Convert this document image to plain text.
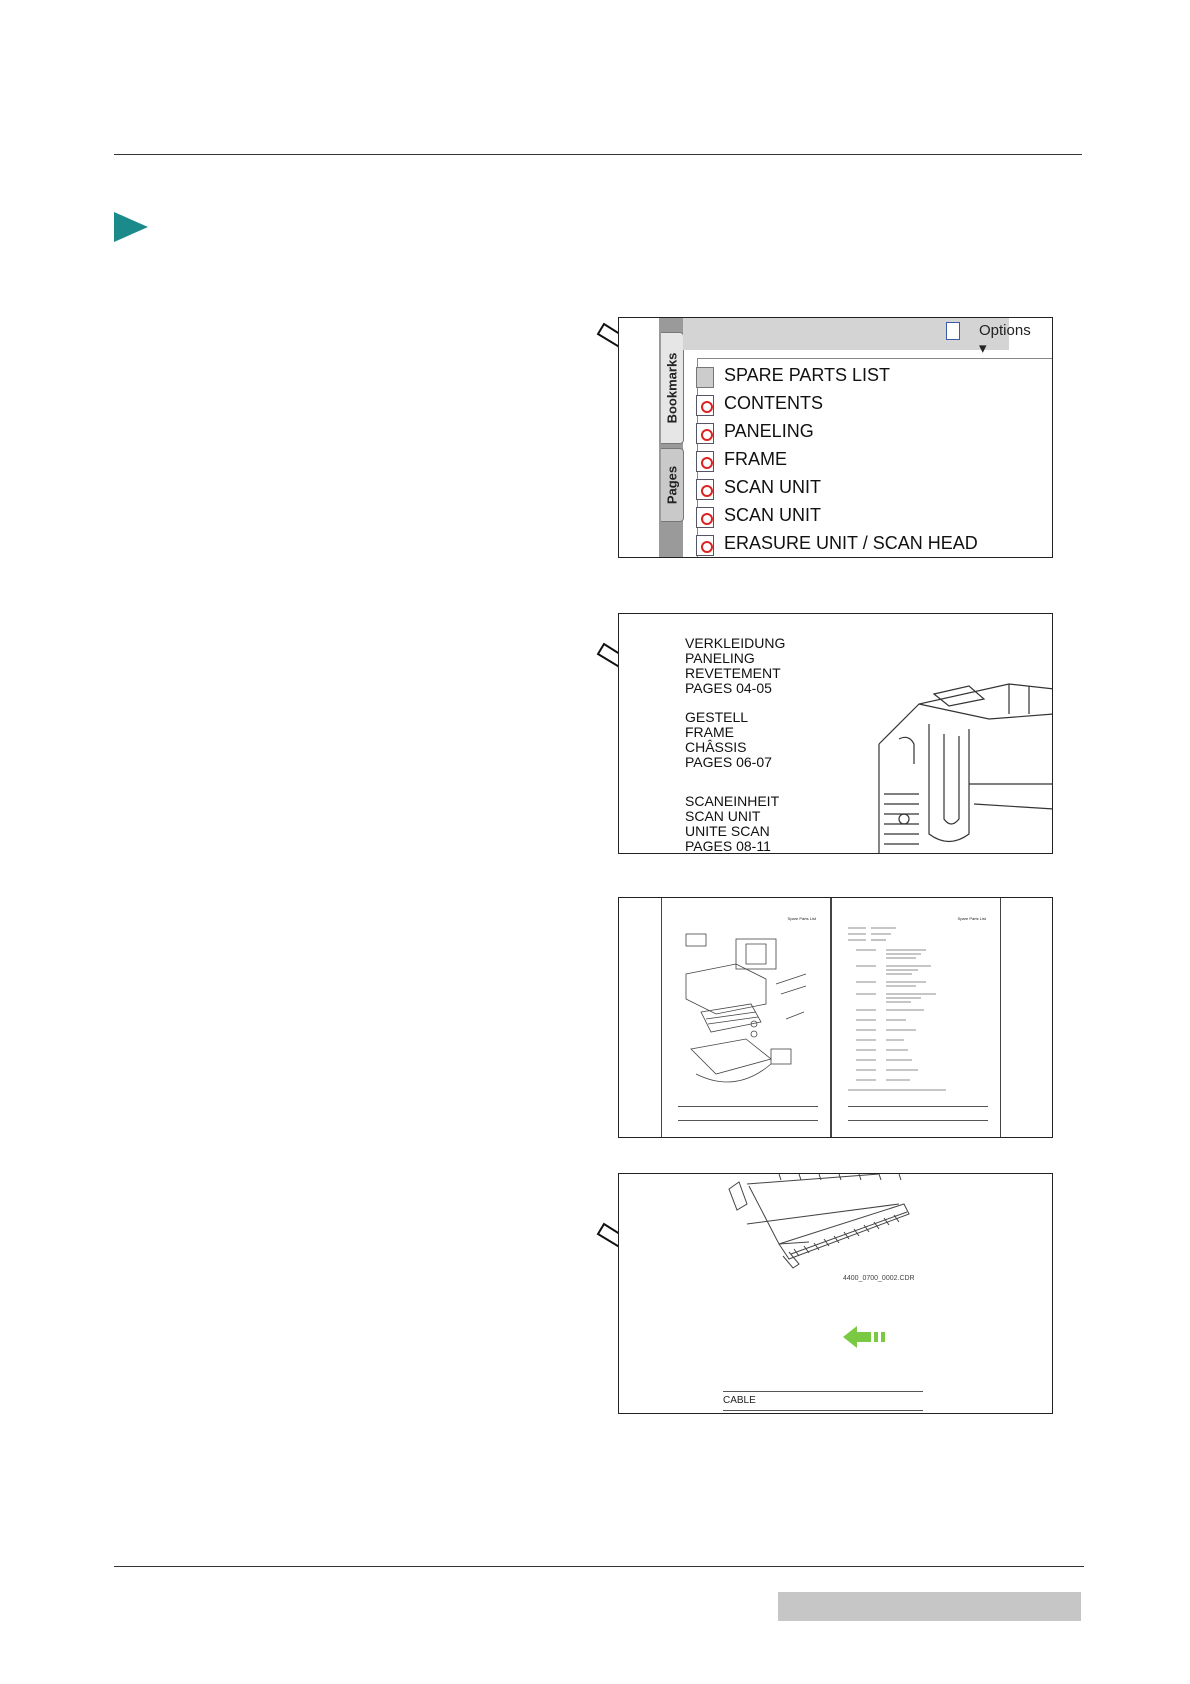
Bookmarks
Pages
Options ▾
SPARE PARTS LIST
CONTENTS
PANELING
FRAME
SCAN UNIT
SCAN UNIT
ERASURE UNIT / SCAN HEAD
VERKLEIDUNG
PANELING
REVETEMENT
PAGES 04-05
GESTELL
FRAME
CHÂSSIS
PAGES 06-07
SCANEINHEIT
SCAN UNIT
UNITE SCAN
PAGES 08-11
Spare Parts List	Spare Parts List
4400_0700_0002.CDR
CABLE
